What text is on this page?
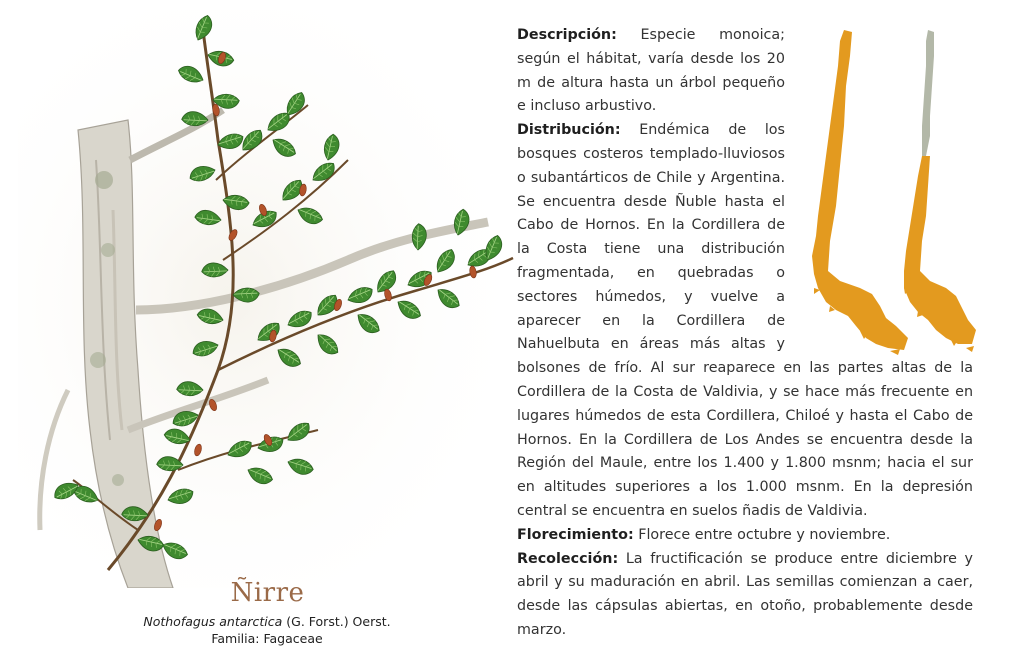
Ñirre
Nothofagus antarctica (G. Forst.) Oerst.
Familia: Fagaceae

Descripción: Especie monoica; según el hábitat, varía desde los 20 m de altura hasta un árbol pequeño e incluso arbustivo.

Distribución: Endémica de los bosques costeros templado-lluviosos o subantárticos de Chile y Argentina. Se encuentra desde Ñuble hasta el Cabo de Hornos. En la Cordillera de la Costa tiene una distribución fragmentada, en quebradas o sectores húmedos, y vuelve a aparecer en la Cordillera de Nahuelbuta en áreas más altas y bolsones de frío. Al sur reaparece en las partes altas de la Cordillera de la Costa de Valdivia, y se hace más frecuente en lugares húmedos de esta Cordillera, Chiloé y hasta el Cabo de Hornos. En la Cordillera de Los Andes se encuentra desde la Región del Maule, entre los 1.400 y 1.800 msnm; hacia el sur en altitudes superiores a los 1.000 msnm. En la depresión central se encuentra en suelos ñadis de Valdivia.

Florecimiento: Florece entre octubre y noviembre.

Recolección: La fructificación se produce entre diciembre y abril y su maduración en abril. Las semillas comienzan a caer, desde las cápsulas abiertas, en otoño, probablemente desde marzo.
